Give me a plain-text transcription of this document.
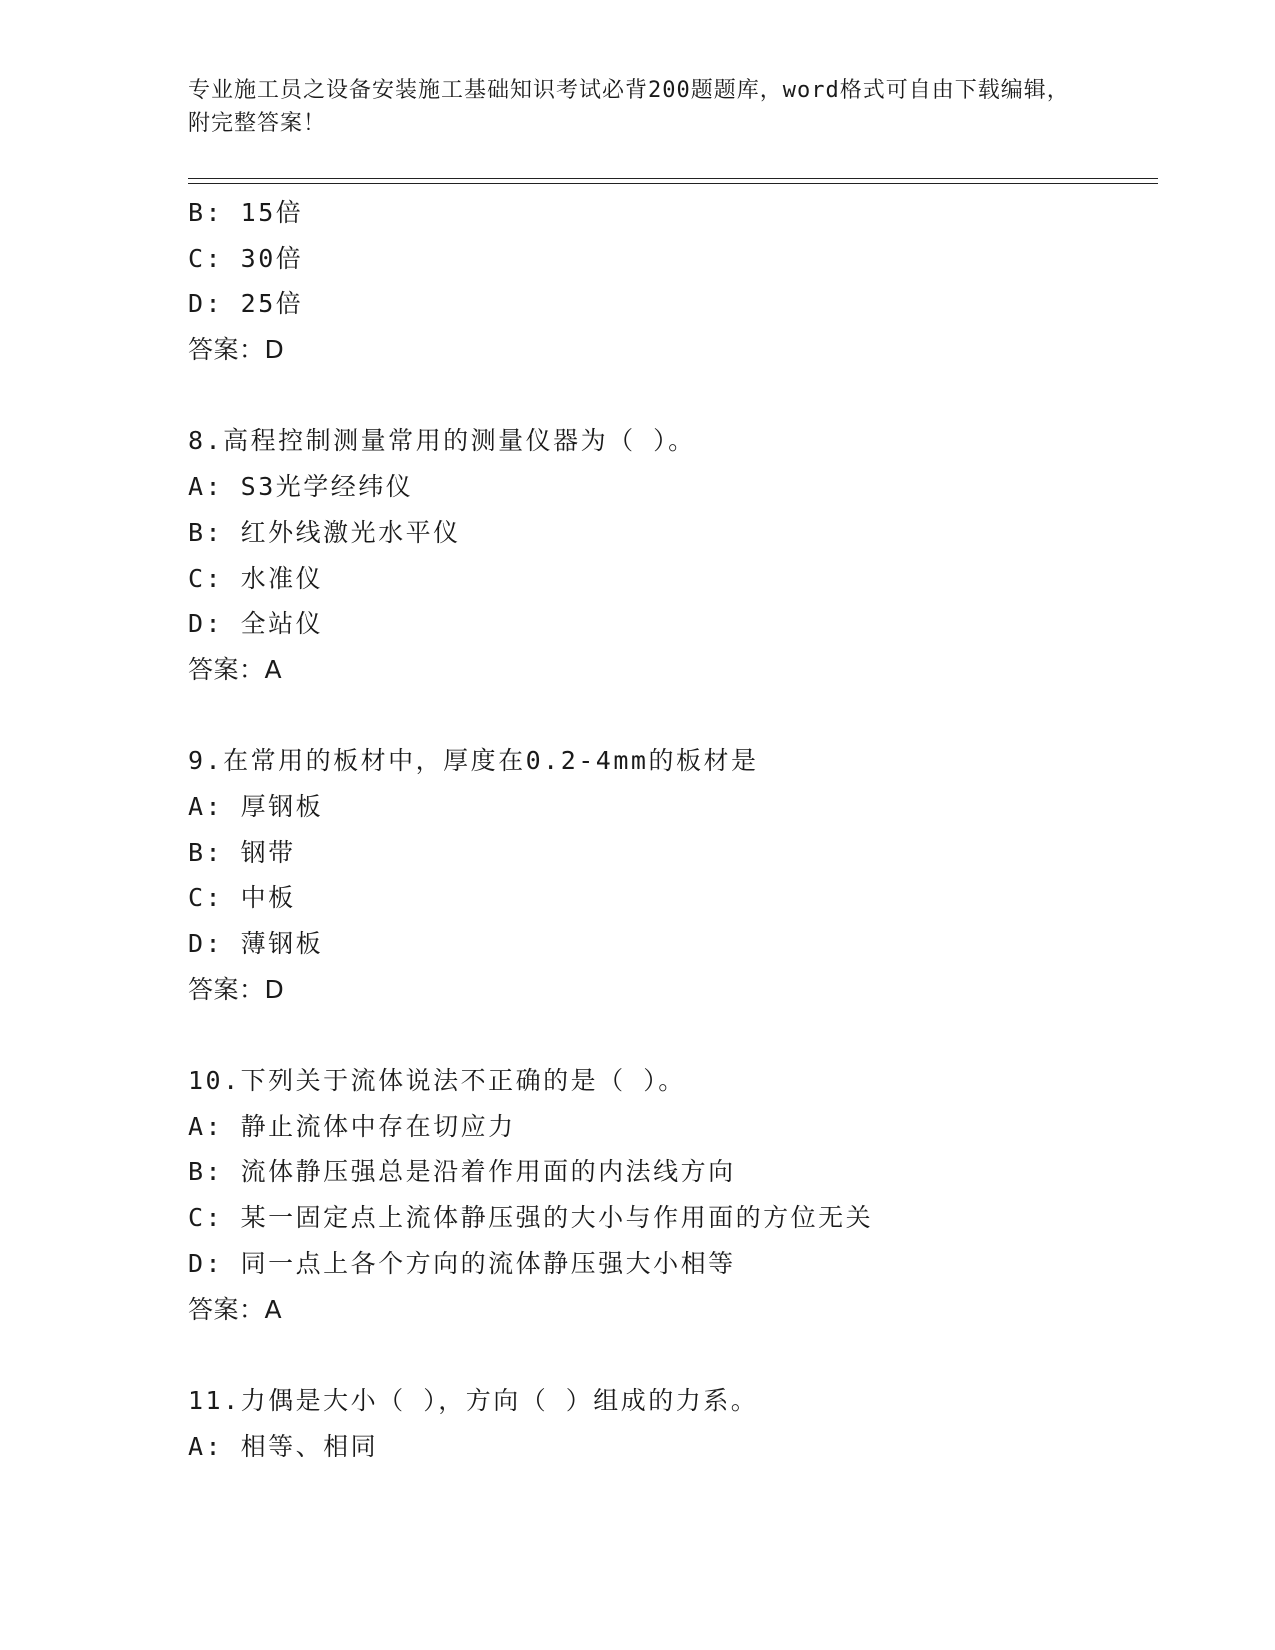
专业施工员之设备安装施工基础知识考试必背200题题库，word格式可自由下载编辑，附完整答案！
B: 15倍
C: 30倍
D: 25倍
答案：D
8.高程控制测量常用的测量仪器为（ ）。
A: S3光学经纬仪
B: 红外线激光水平仪
C: 水准仪
D: 全站仪
答案：A
9.在常用的板材中，厚度在0.2-4mm的板材是
A: 厚钢板
B: 钢带
C: 中板
D: 薄钢板
答案：D
10.下列关于流体说法不正确的是（ ）。
A: 静止流体中存在切应力
B: 流体静压强总是沿着作用面的内法线方向
C: 某一固定点上流体静压强的大小与作用面的方位无关
D: 同一点上各个方向的流体静压强大小相等
答案：A
11.力偶是大小（ ），方向（ ）组成的力系。
A: 相等、相同
